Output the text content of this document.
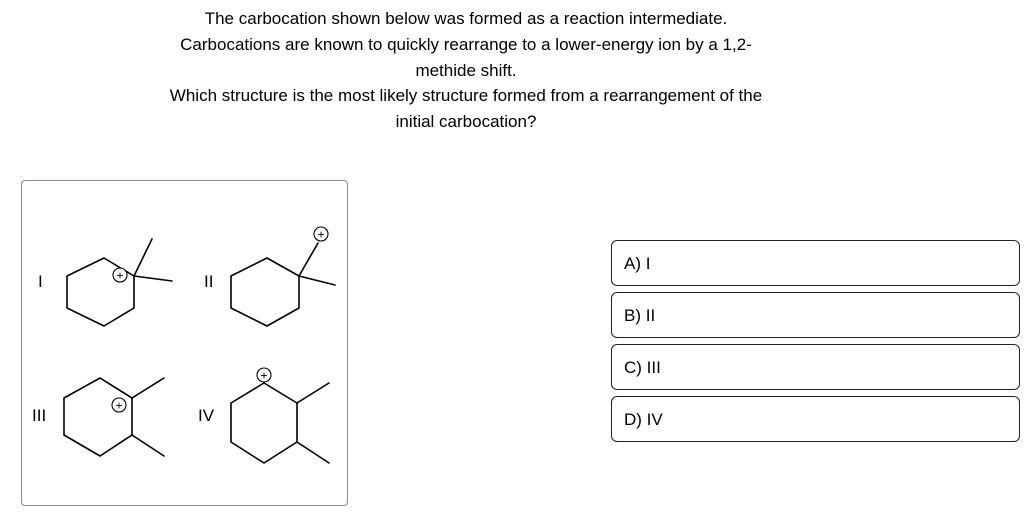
The carbocation shown below was formed as a reaction intermediate.
Carbocations are known to quickly rearrange to a lower-energy ion by a 1,2-
methide shift.
Which structure is the most likely structure formed from a rearrangement of the
initial carbocation?
+
+
+
+
I	II
III	IV
A) I
B) II
C) III
D) IV
